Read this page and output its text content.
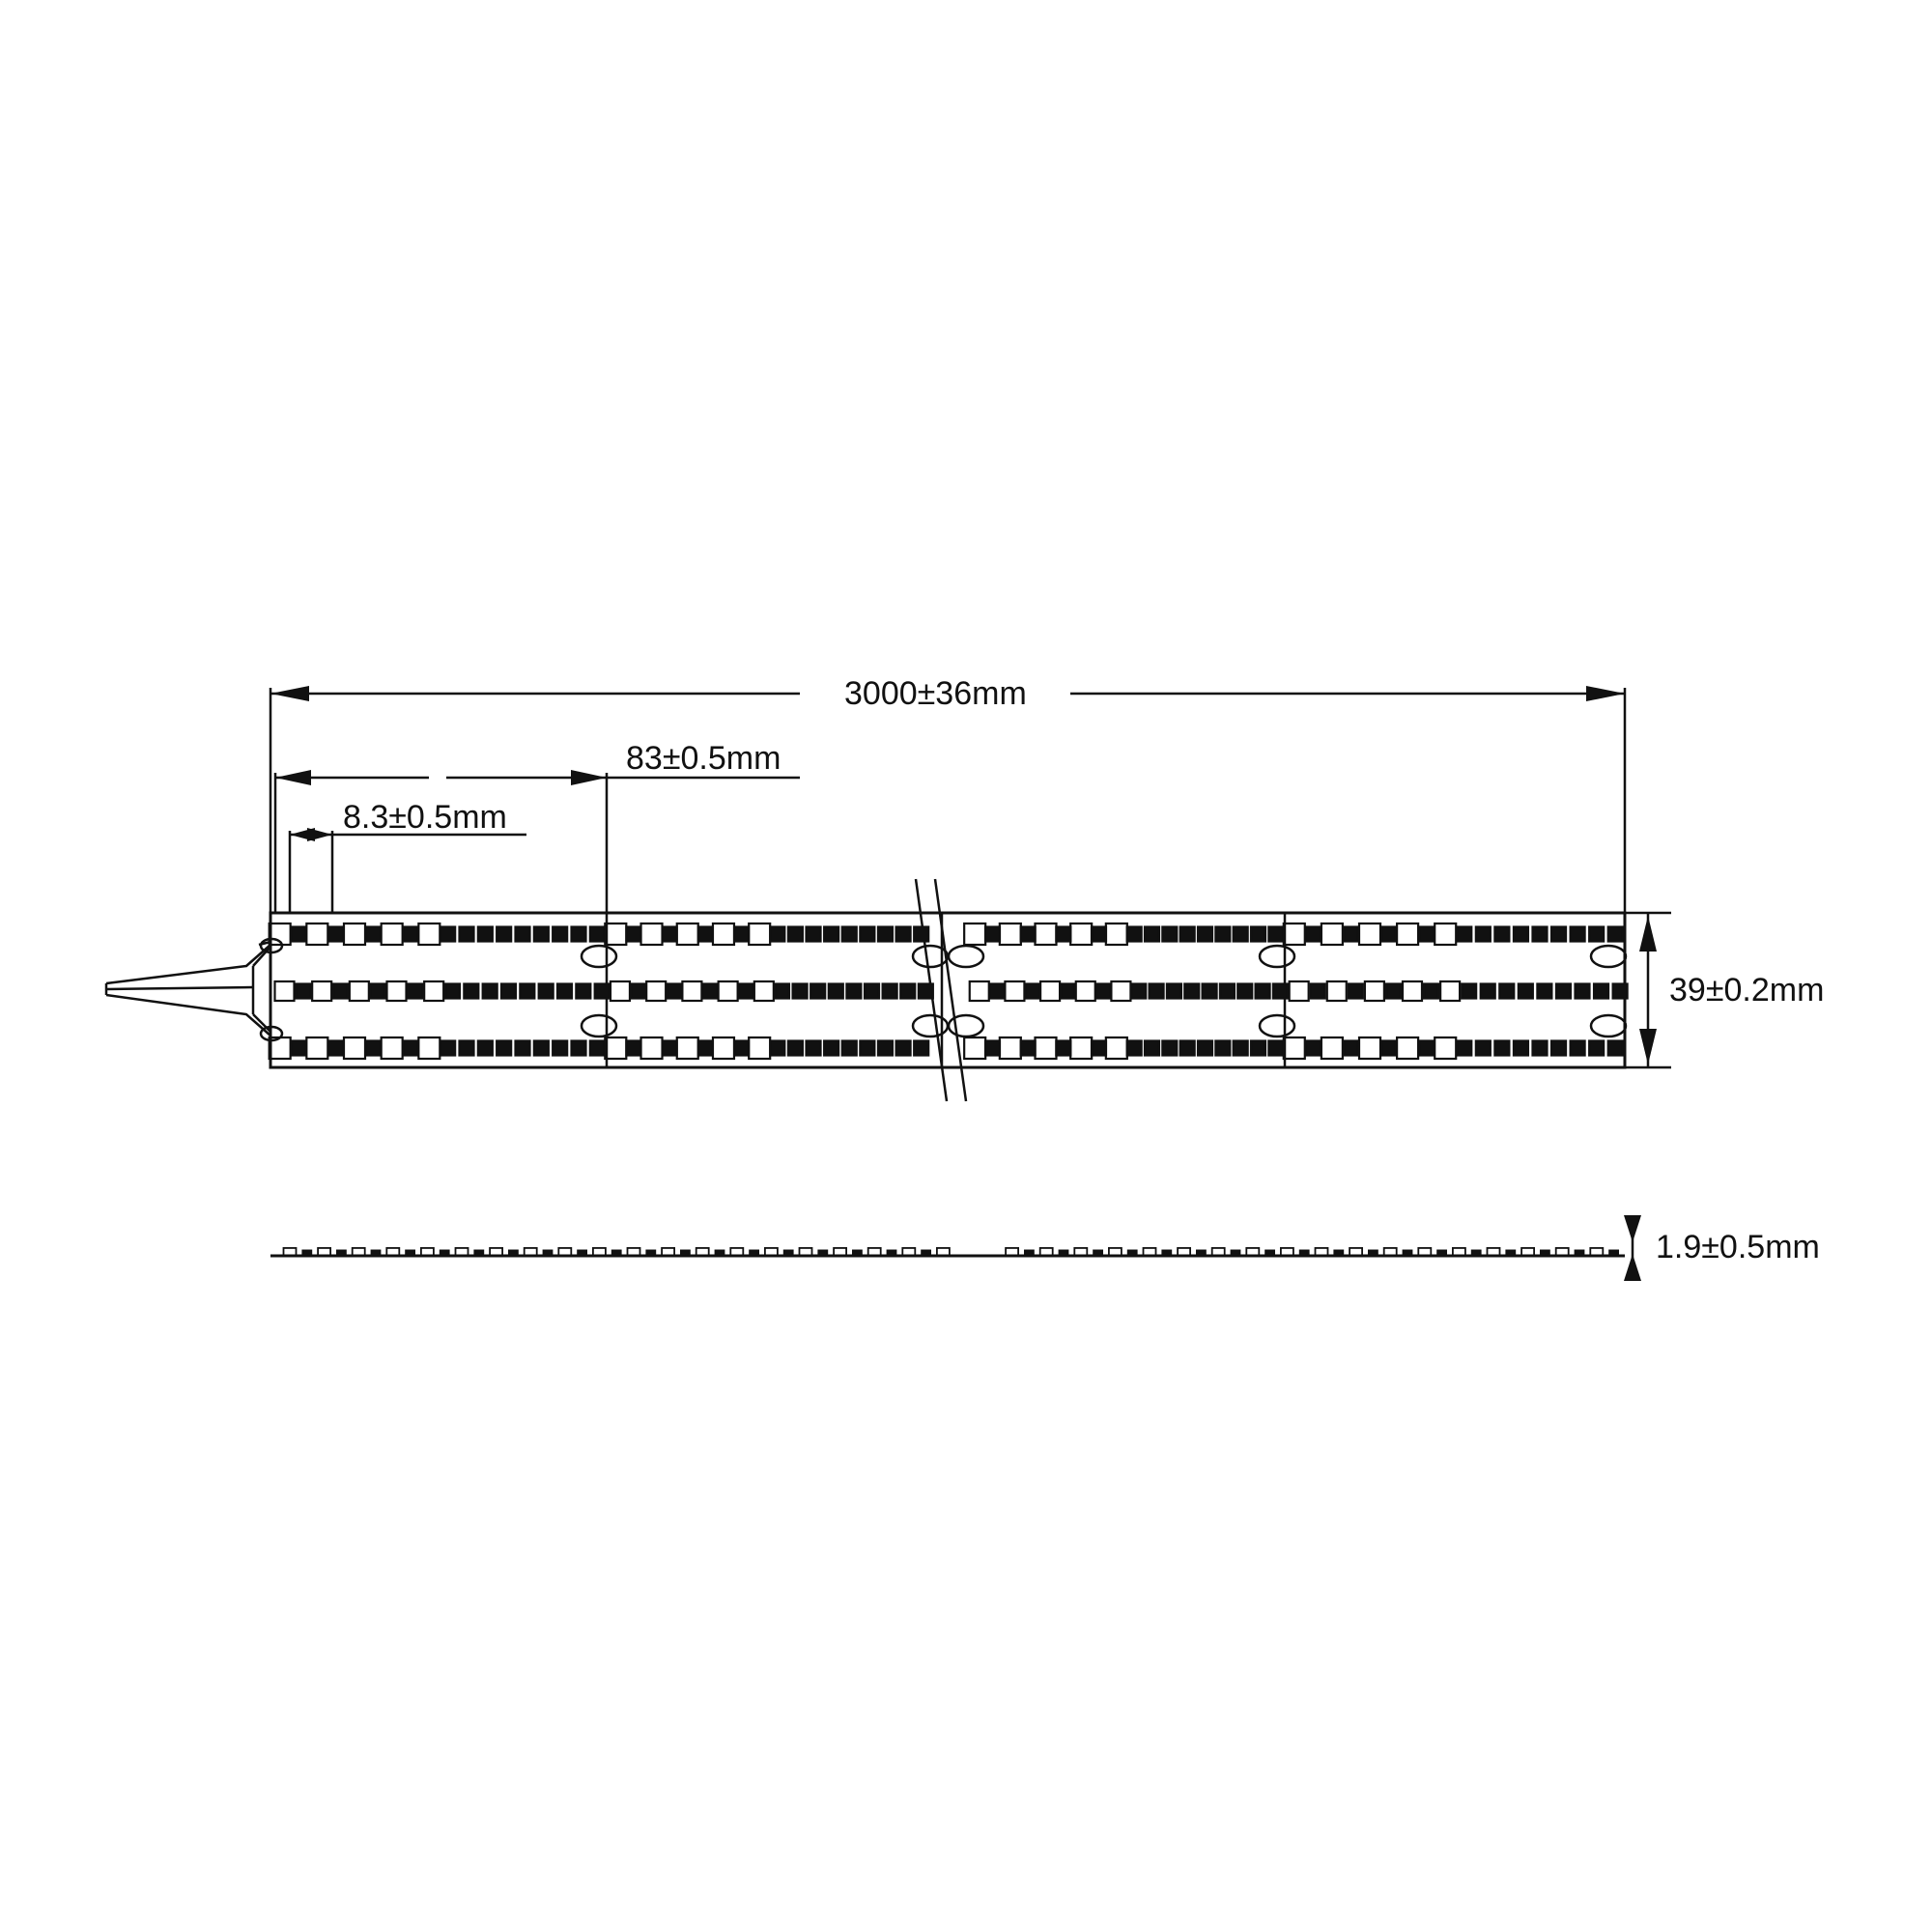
3000±36mm
83±0.5mm
8.3±0.5mm
39±0.2mm
1.9±0.5mm
